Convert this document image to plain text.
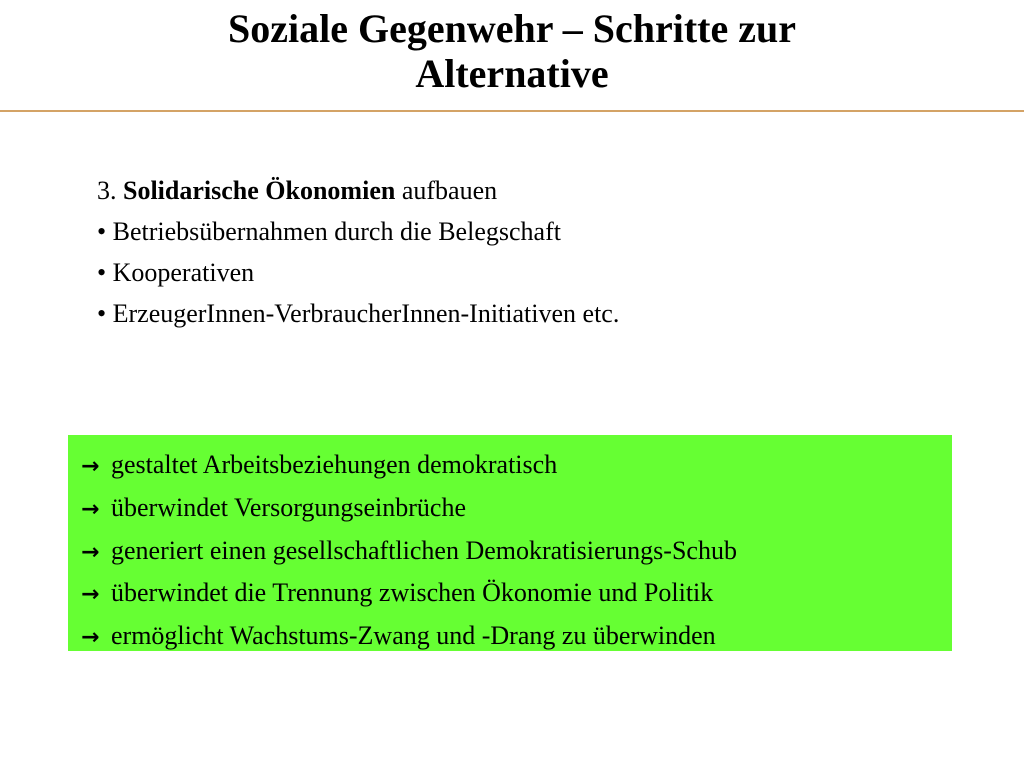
Soziale Gegenwehr – Schritte zur
Alternative
3. Solidarische Ökonomien aufbauen
• Betriebsübernahmen durch die Belegschaft
• Kooperativen
• ErzeugerInnen-VerbraucherInnen-Initiativen etc.
→ gestaltet Arbeitsbeziehungen demokratisch
→ überwindet Versorgungseinbrüche
→ generiert einen gesellschaftlichen Demokratisierungs-Schub
→ überwindet die Trennung zwischen Ökonomie und Politik
→ ermöglicht Wachstums-Zwang und -Drang zu überwinden
